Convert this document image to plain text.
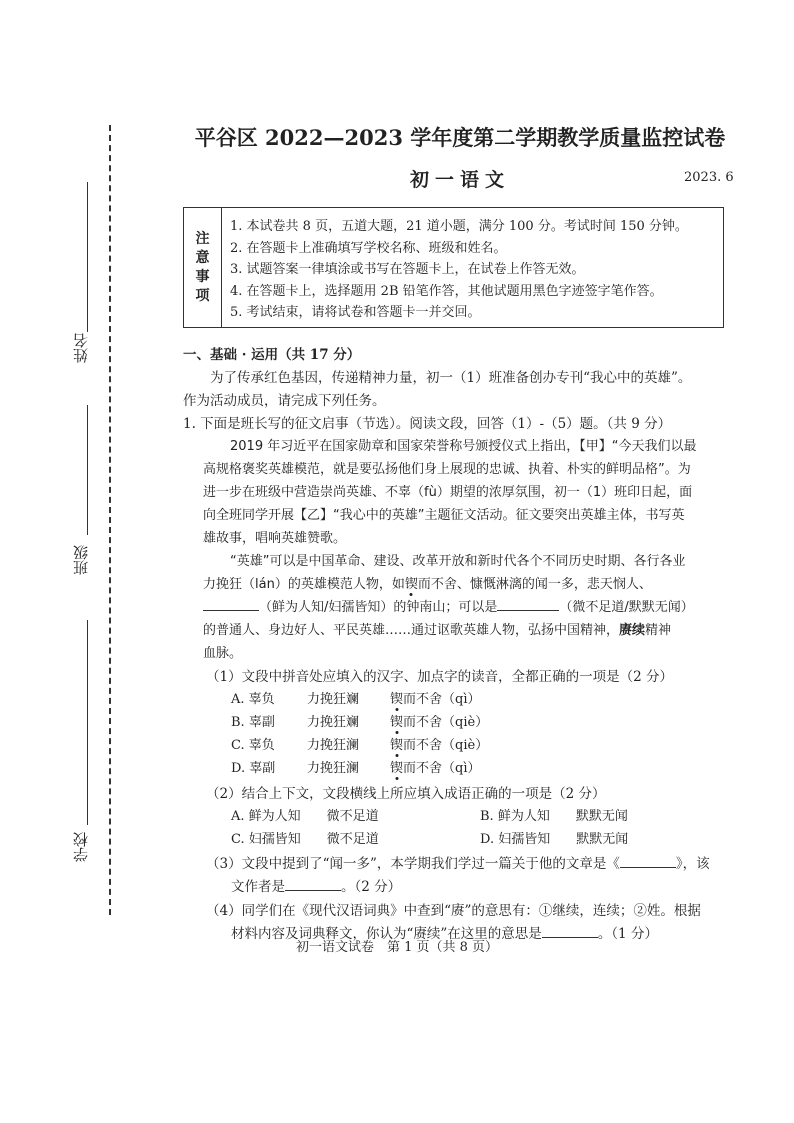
姓名
班级
学校
平谷区 2022—2023 学年度第二学期教学质量监控试卷
初一语文	2023. 6
注
意
事
项
1. 本试卷共 8 页，五道大题，21 道小题，满分 100 分。考试时间 150 分钟。
2. 在答题卡上准确填写学校名称、班级和姓名。
3. 试题答案一律填涂或书写在答题卡上，在试卷上作答无效。
4. 在答题卡上，选择题用 2B 铅笔作答，其他试题用黑色字迹签字笔作答。
5. 考试结束，请将试卷和答题卡一并交回。
一、基础 · 运用（共 17 分）
为了传承红色基因，传递精神力量，初一（1）班准备创办专刊“我心中的英雄”。
作为活动成员，请完成下列任务。
1. 下面是班长写的征文启事（节选）。阅读文段，回答（1）-（5）题。（共 9 分）
2019 年习近平在国家勋章和国家荣誉称号颁授仪式上指出，【甲】“今天我们以最
高规格褒奖英雄模范，就是要弘扬他们身上展现的忠诚、执着、朴实的鲜明品格”。为
进一步在班级中营造崇尚英雄、不辜（fù）期望的浓厚氛围，初一（1）班印日起，面
向全班同学开展【乙】“我心中的英雄”主题征文活动。征文要突出英雄主体，书写英
雄故事，唱响英雄赞歌。
“英雄”可以是中国革命、建设、改革开放和新时代各个不同历史时期、各行各业
力挽狂（lán）的英雄模范人物，如锲而不舍、慷慨淋漓的闻一多，悲天悯人、
（鲜为人知/妇孺皆知）的钟南山；可以是	（微不足道/默默无闻）
的普通人、身边好人、平民英雄……通过讴歌英雄人物，弘扬中国精神，赓续精神
血脉。
（1）文段中拼音处应填入的汉字、加点字的读音，全都正确的一项是（2 分）
A. 辜负 力挽狂斓 锲而不舍（qì）
B. 辜副 力挽狂斓 锲而不舍（qiè）
C. 辜负 力挽狂澜 锲而不舍（qiè）
D. 辜副 力挽狂澜 锲而不舍（qì）
（2）结合上下文，文段横线上所应填入成语正确的一项是（2 分）
A. 鲜为人知　　微不足道	B. 鲜为人知　　默默无闻
C. 妇孺皆知　　微不足道	D. 妇孺皆知　　默默无闻
（3）文段中提到了“闻一多”，本学期我们学过一篇关于他的文章是《	》，该
文作者是	。（2 分）
（4）同学们在《现代汉语词典》中查到“赓”的意思有：①继续，连续；②姓。根据
材料内容及词典释文，你认为“赓续”在这里的意思是	。（1 分）
初一语文试卷　第 1 页（共 8 页）
